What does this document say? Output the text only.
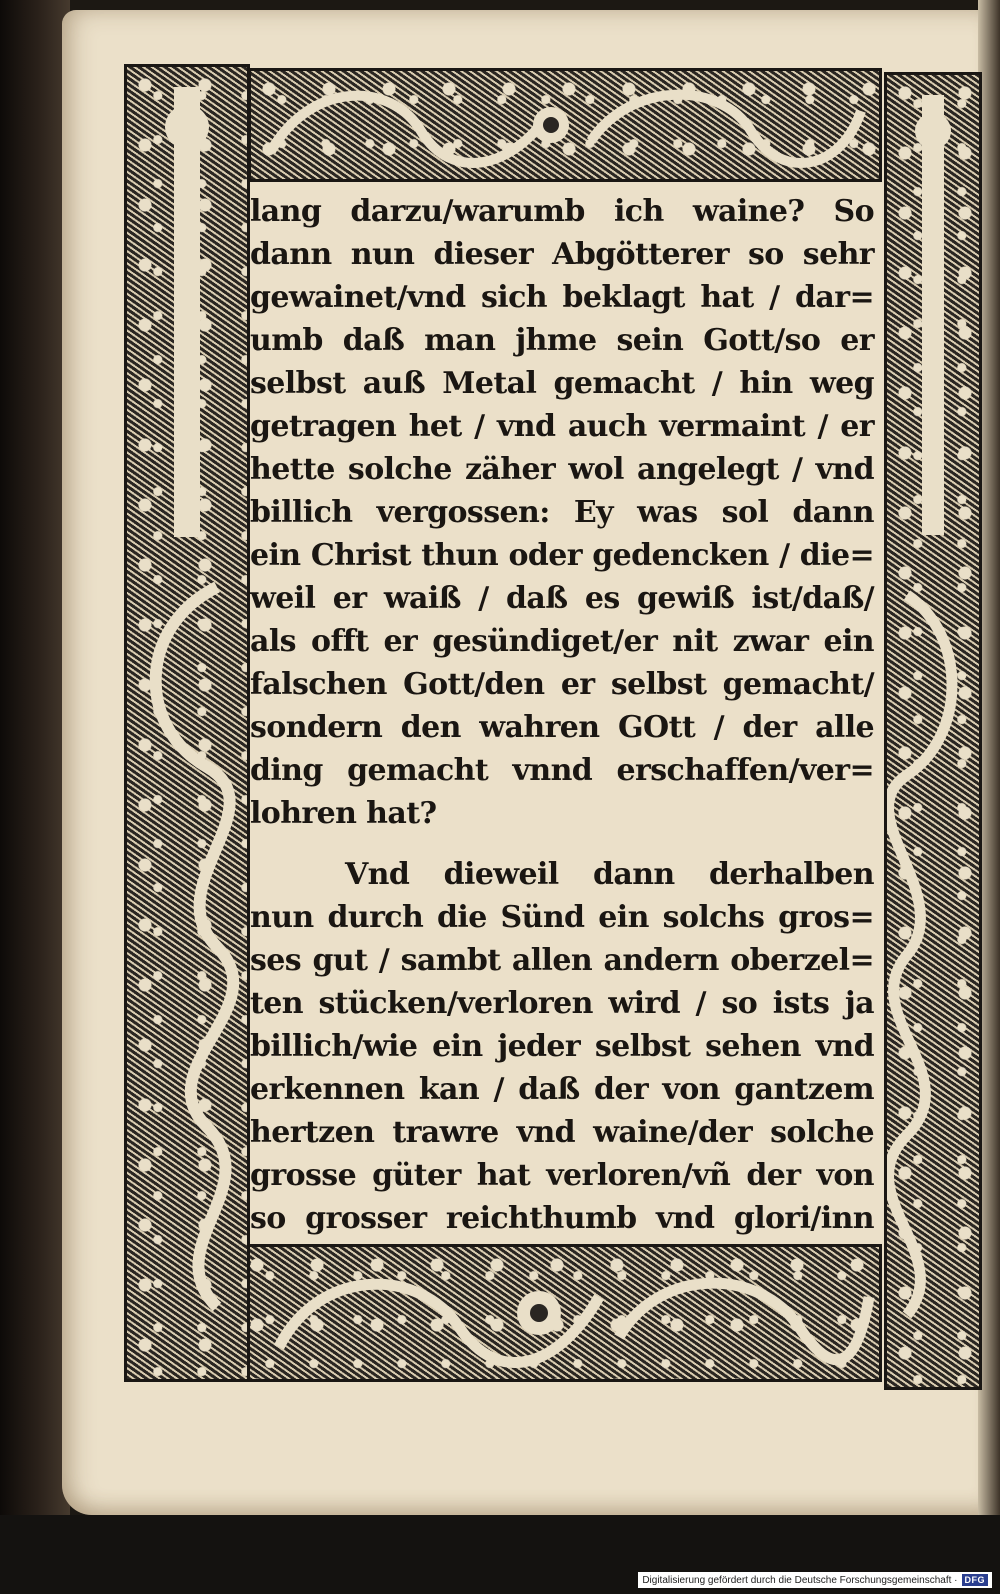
lang darzu/warumb ich waine? So
dann nun dieser Abgötterer so sehr
gewainet/vnd sich beklagt hat / dar=
umb daß man jhme sein Gott/so er
selbst auß Metal gemacht / hin weg
getragen het / vnd auch vermaint / er
hette solche zäher wol angelegt / vnd
billich vergossen: Ey was sol dann
ein Christ thun oder gedencken / die=
weil er waiß / daß es gewiß ist/daß/
als offt er gesündiget/er nit zwar ein
falschen Gott/den er selbst gemacht/
sondern den wahren GOtt / der alle
ding gemacht vnnd erschaffen/ver=
lohren hat?
Vnd dieweil dann derhalben
nun durch die Sünd ein solchs gros=
ses gut / sambt allen andern oberzel=
ten stücken/verloren wird / so ists ja
billich/wie ein jeder selbst sehen vnd
erkennen kan / daß der von gantzem
hertzen trawre vnd waine/der solche
grosse güter hat verloren/vñ der von
so grosser reichthumb vnd glori/inn
Digitalisierung gefördert durch die Deutsche Forschungsgemeinschaft · DFG
